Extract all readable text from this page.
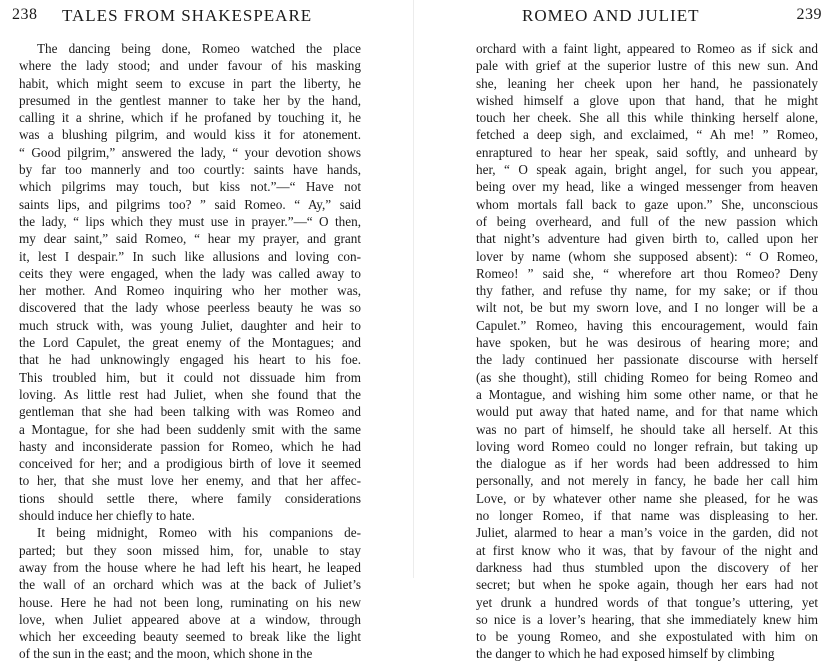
238 TALES FROM SHAKESPEARE
The dancing being done, Romeo watched the place
where the lady stood; and under favour of his masking
habit, which might seem to excuse in part the liberty, he
presumed in the gentlest manner to take her by the hand,
calling it a shrine, which if he profaned by touching it, he
was a blushing pilgrim, and would kiss it for atonement.
“ Good pilgrim,” answered the lady, “ your devotion shows
by far too mannerly and too courtly: saints have hands,
which pilgrims may touch, but kiss not.”—“ Have not
saints lips, and pilgrims too? ” said Romeo. “ Ay,” said
the lady, “ lips which they must use in prayer.”—“ O then,
my dear saint,” said Romeo, “ hear my prayer, and grant
it, lest I despair.” In such like allusions and loving con-
ceits they were engaged, when the lady was called away to
her mother. And Romeo inquiring who her mother was,
discovered that the lady whose peerless beauty he was so
much struck with, was young Juliet, daughter and heir to
the Lord Capulet, the great enemy of the Montagues; and
that he had unknowingly engaged his heart to his foe.
This troubled him, but it could not dissuade him from
loving. As little rest had Juliet, when she found that the
gentleman that she had been talking with was Romeo and
a Montague, for she had been suddenly smit with the same
hasty and inconsiderate passion for Romeo, which he had
conceived for her; and a prodigious birth of love it seemed
to her, that she must love her enemy, and that her affec-
tions should settle there, where family considerations
should induce her chiefly to hate.
It being midnight, Romeo with his companions de-
parted; but they soon missed him, for, unable to stay
away from the house where he had left his heart, he leaped
the wall of an orchard which was at the back of Juliet’s
house. Here he had not been long, ruminating on his new
love, when Juliet appeared above at a window, through
which her exceeding beauty seemed to break like the light
of the sun in the east; and the moon, which shone in the
ROMEO AND JULIET	239
orchard with a faint light, appeared to Romeo as if sick and
pale with grief at the superior lustre of this new sun. And
she, leaning her cheek upon her hand, he passionately
wished himself a glove upon that hand, that he might
touch her cheek. She all this while thinking herself alone,
fetched a deep sigh, and exclaimed, “ Ah me! ” Romeo,
enraptured to hear her speak, said softly, and unheard by
her, “ O speak again, bright angel, for such you appear,
being over my head, like a winged messenger from heaven
whom mortals fall back to gaze upon.” She, unconscious
of being overheard, and full of the new passion which
that night’s adventure had given birth to, called upon her
lover by name (whom she supposed absent): “ O Romeo,
Romeo! ” said she, “ wherefore art thou Romeo? Deny
thy father, and refuse thy name, for my sake; or if thou
wilt not, be but my sworn love, and I no longer will be a
Capulet.” Romeo, having this encouragement, would fain
have spoken, but he was desirous of hearing more; and
the lady continued her passionate discourse with herself
(as she thought), still chiding Romeo for being Romeo and
a Montague, and wishing him some other name, or that he
would put away that hated name, and for that name which
was no part of himself, he should take all herself. At this
loving word Romeo could no longer refrain, but taking up
the dialogue as if her words had been addressed to him
personally, and not merely in fancy, he bade her call him
Love, or by whatever other name she pleased, for he was
no longer Romeo, if that name was displeasing to her.
Juliet, alarmed to hear a man’s voice in the garden, did not
at first know who it was, that by favour of the night and
darkness had thus stumbled upon the discovery of her
secret; but when he spoke again, though her ears had not
yet drunk a hundred words of that tongue’s uttering, yet
so nice is a lover’s hearing, that she immediately knew him
to be young Romeo, and she expostulated with him on
the danger to which he had exposed himself by climbing
